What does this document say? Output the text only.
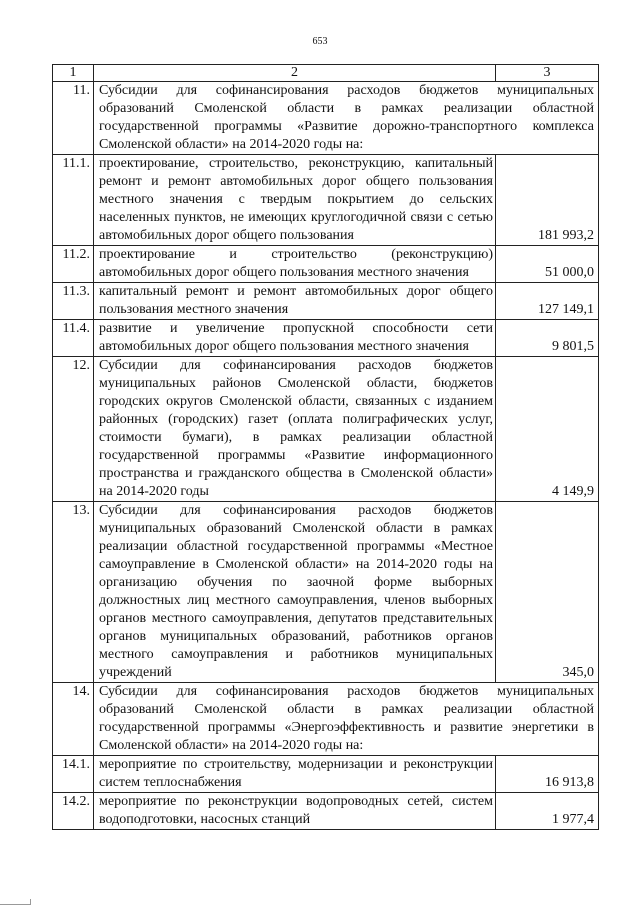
653
1	2	3
11.	Субсидии для софинансирования расходов бюджетов муниципальных образований Смоленской области в рамках реализации областной государственной программы «Развитие дорожно-транспортного комплекса Смоленской области» на 2014-2020 годы на:	
11.1.	проектирование, строительство, реконструкцию, капитальный ремонт и ремонт автомобильных дорог общего пользования местного значения с твердым покрытием до сельских населенных пунктов, не имеющих круглогодичной связи с сетью автомобильных дорог общего пользования	181 993,2
11.2.	проектирование и строительство (реконструкцию) автомобильных дорог общего пользования местного значения	51 000,0
11.3.	капитальный ремонт и ремонт автомобильных дорог общего пользования местного значения	127 149,1
11.4.	развитие и увеличение пропускной способности сети автомобильных дорог общего пользования местного значения	9 801,5
12.	Субсидии для софинансирования расходов бюджетов муниципальных районов Смоленской области, бюджетов городских округов Смоленской области, связанных с изданием районных (городских) газет (оплата полиграфических услуг, стоимости бумаги), в рамках реализации областной государственной программы «Развитие информационного пространства и гражданского общества в Смоленской области» на 2014-2020 годы	4 149,9
13.	Субсидии для софинансирования расходов бюджетов муниципальных образований Смоленской области в рамках реализации областной государственной программы «Местное самоуправление в Смоленской области» на 2014-2020 годы на организацию обучения по заочной форме выборных должностных лиц местного самоуправления, членов выборных органов местного самоуправления, депутатов представительных органов муниципальных образований, работников органов местного самоуправления и работников муниципальных учреждений	345,0
14.	Субсидии для софинансирования расходов бюджетов муниципальных образований Смоленской области в рамках реализации областной государственной программы «Энергоэффективность и развитие энергетики в Смоленской области» на 2014-2020 годы на:	
14.1.	мероприятие по строительству, модернизации и реконструкции систем теплоснабжения	16 913,8
14.2.	мероприятие по реконструкции водопроводных сетей, систем водоподготовки, насосных станций	1 977,4
